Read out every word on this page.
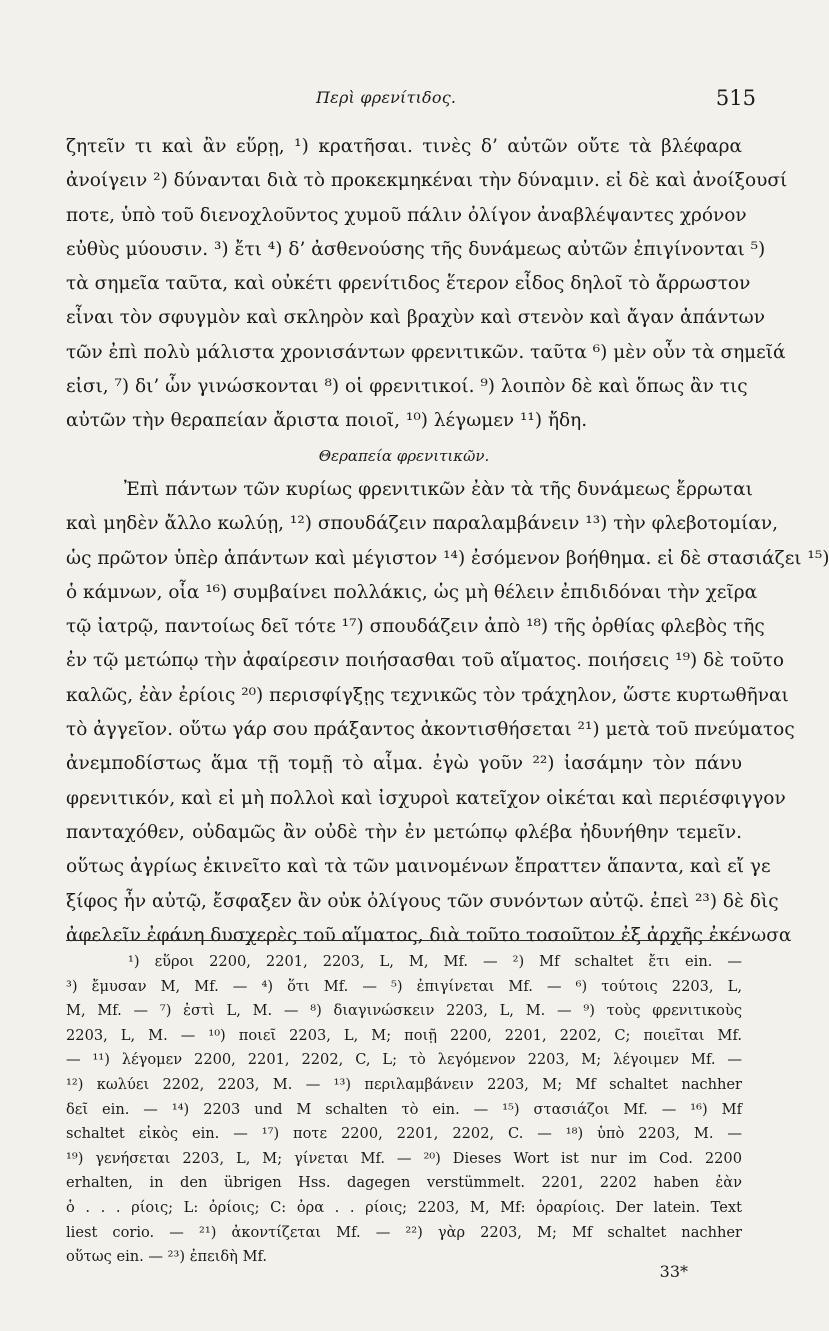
Περὶ φρενίτιδος.	515
ζητεῖν τι καὶ ἂν εὕρῃ, ¹) κρατῆσαι. τινὲς δ’ αὐτῶν οὔτε τὰ βλέφαρα
ἀνοίγειν ²) δύνανται διὰ τὸ προκεκμηκέναι τὴν δύναμιν. εἰ δὲ καὶ ἀνοίξουσί
ποτε, ὑπὸ τοῦ διενοχλοῦντος χυμοῦ πάλιν ὀλίγον ἀναβλέψαντες χρόνον
εὐθὺς μύουσιν. ³) ἔτι ⁴) δ’ ἀσθενούσης τῆς δυνάμεως αὐτῶν ἐπιγίνονται ⁵)
τὰ σημεῖα ταῦτα, καὶ οὐκέτι φρενίτιδος ἕτερον εἶδος δηλοῖ τὸ ἄρρωστον
εἶναι τὸν σφυγμὸν καὶ σκληρὸν καὶ βραχὺν καὶ στενὸν καὶ ἄγαν ἁπάντων
τῶν ἐπὶ πολὺ μάλιστα χρονισάντων φρενιτικῶν. ταῦτα ⁶) μὲν οὖν τὰ σημεῖά
εἰσι, ⁷) δι’ ὧν γινώσκονται ⁸) οἱ φρενιτικοί. ⁹) λοιπὸν δὲ καὶ ὅπως ἂν τις
αὐτῶν τὴν θεραπείαν ἄριστα ποιοῖ, ¹⁰) λέγωμεν ¹¹) ἤδη.
Θεραπεία φρενιτικῶν.
Ἐπὶ πάντων τῶν κυρίως φρενιτικῶν ἐὰν τὰ τῆς δυνάμεως ἔρρωται
καὶ μηδὲν ἄλλο κωλύῃ, ¹²) σπουδάζειν παραλαμβάνειν ¹³) τὴν φλεβοτομίαν,
ὡς πρῶτον ὑπὲρ ἁπάντων καὶ μέγιστον ¹⁴) ἐσόμενον βοήθημα. εἰ δὲ στασιάζει ¹⁵)
ὁ κάμνων, οἷα ¹⁶) συμβαίνει πολλάκις, ὡς μὴ θέλειν ἐπιδιδόναι τὴν χεῖρα
τῷ ἰατρῷ, παντοίως δεῖ τότε ¹⁷) σπουδάζειν ἀπὸ ¹⁸) τῆς ὀρθίας φλεβὸς τῆς
ἐν τῷ μετώπῳ τὴν ἀφαίρεσιν ποιήσασθαι τοῦ αἵματος. ποιήσεις ¹⁹) δὲ τοῦτο
καλῶς, ἐὰν ἐρίοις ²⁰) περισφίγξῃς τεχνικῶς τὸν τράχηλον, ὥστε κυρτωθῆναι
τὸ ἀγγεῖον. οὕτω γάρ σου πράξαντος ἀκοντισθήσεται ²¹) μετὰ τοῦ πνεύματος
ἀνεμποδίστως ἅμα τῇ τομῇ τὸ αἷμα. ἐγὼ γοῦν ²²) ἰασάμην τὸν πάνυ
φρενιτικόν, καὶ εἰ μὴ πολλοὶ καὶ ἰσχυροὶ κατεῖχον οἰκέται καὶ περιέσφιγγον
πανταχόθεν, οὐδαμῶς ἂν οὐδὲ τὴν ἐν μετώπῳ φλέβα ἠδυνήθην τεμεῖν.
οὕτως ἀγρίως ἐκινεῖτο καὶ τὰ τῶν μαινομένων ἔπραττεν ἅπαντα, καὶ εἴ γε
ξίφος ἦν αὐτῷ, ἔσφαξεν ἂν οὐκ ὀλίγους τῶν συνόντων αὐτῷ. ἐπεὶ ²³) δὲ δὶς
ἀφελεῖν ἐφάνη δυσχερὲς τοῦ αἵματος, διὰ τοῦτο τοσοῦτον ἐξ ἀρχῆς ἐκένωσα
¹) εὕροι 2200, 2201, 2203, L, M, Mf. — ²) Mf schaltet ἔτι ein. —
³) ἔμυσαν M, Mf. — ⁴) ὅτι Mf. — ⁵) ἐπιγίνεται Mf. — ⁶) τούτοις 2203, L,
M, Mf. — ⁷) ἐστὶ L, M. — ⁸) διαγινώσκειν 2203, L, M. — ⁹) τοὺς φρενιτικοὺς
2203, L, M. — ¹⁰) ποιεῖ 2203, L, M; ποιῇ 2200, 2201, 2202, C; ποιεῖται Mf.
— ¹¹) λέγομεν 2200, 2201, 2202, C, L; τὸ λεγόμενον 2203, M; λέγοιμεν Mf. —
¹²) κωλύει 2202, 2203, M. — ¹³) περιλαμβάνειν 2203, M; Mf schaltet nachher
δεῖ ein. — ¹⁴) 2203 und M schalten τὸ ein. — ¹⁵) στασιάζοι Mf. — ¹⁶) Mf
schaltet εἰκὸς ein. — ¹⁷) ποτε 2200, 2201, 2202, C. — ¹⁸) ὑπὸ 2203, M. —
¹⁹) γενήσεται 2203, L, M; γίνεται Mf. — ²⁰) Dieses Wort ist nur im Cod. 2200
erhalten, in den übrigen Hss. dagegen verstümmelt. 2201, 2202 haben ἐὰν
ὁ . . . ρίοις; L: ὀρίοις; C: ὀρα . . ρίοις; 2203, M, Mf: ὀραρίοις. Der latein. Text
liest corio. — ²¹) ἀκοντίζεται Mf. — ²²) γὰρ 2203, M; Mf schaltet nachher
οὕτως ein. — ²³) ἐπειδὴ Mf.
33*
